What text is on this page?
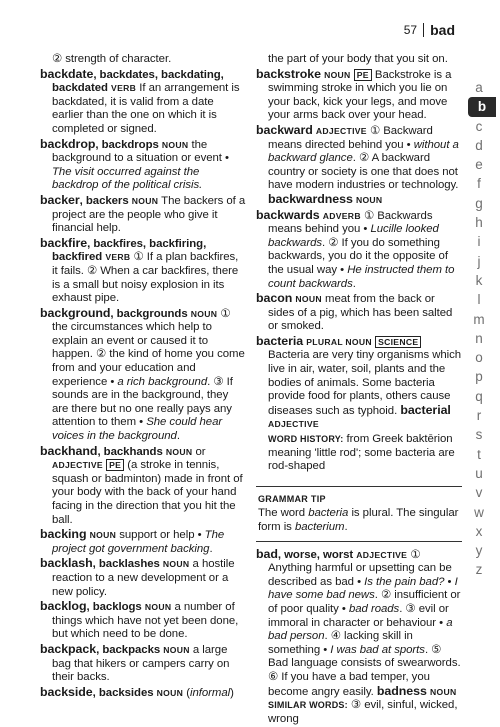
57 bad
② strength of character.
backdate, backdates, backdating, backdated VERB If an arrangement is backdated, it is valid from a date earlier than the one on which it is completed or signed.
backdrop, backdrops NOUN the background to a situation or event • The visit occurred against the backdrop of the political crisis.
backer, backers NOUN The backers of a project are the people who give it financial help.
backfire, backfires, backfiring, backfired VERB ① If a plan backfires, it fails. ② When a car backfires, there is a small but noisy explosion in its exhaust pipe.
background, backgrounds NOUN ① the circumstances which help to explain an event or caused it to happen. ② the kind of home you come from and your education and experience • a rich background. ③ If sounds are in the background, they are there but no one really pays any attention to them • She could hear voices in the background.
backhand, backhands NOUN or ADJECTIVE PE (a stroke in tennis, squash or badminton) made in front of your body with the back of your hand facing in the direction that you hit the ball.
backing NOUN support or help • The project got government backing.
backlash, backlashes NOUN a hostile reaction to a new development or a new policy.
backlog, backlogs NOUN a number of things which have not yet been done, but which need to be done.
backpack, backpacks NOUN a large bag that hikers or campers carry on their backs.
backside, backsides NOUN (informal)
the part of your body that you sit on.
backstroke NOUN PE Backstroke is a swimming stroke in which you lie on your back, kick your legs, and move your arms back over your head.
backward ADJECTIVE ① Backward means directed behind you • without a backward glance. ② A backward country or society is one that does not have modern industries or technology. backwardness NOUN
backwards ADVERB ① Backwards means behind you • Lucille looked backwards. ② If you do something backwards, you do it the opposite of the usual way • He instructed them to count backwards.
bacon NOUN meat from the back or sides of a pig, which has been salted or smoked.
bacteria PLURAL NOUN SCIENCE Bacteria are very tiny organisms which live in air, water, soil, plants and the bodies of animals. Some bacteria provide food for plants, others cause diseases such as typhoid. bacterial ADJECTIVE
WORD HISTORY: from Greek baktērion meaning 'little rod'; some bacteria are rod-shaped
GRAMMAR TIP
The word bacteria is plural. The singular form is bacterium.
bad, worse, worst ADJECTIVE ① Anything harmful or upsetting can be described as bad • Is the pain bad? • I have some bad news. ② insufficient or of poor quality • bad roads. ③ evil or immoral in character or behaviour • a bad person. ④ lacking skill in something • I was bad at sports. ⑤ Bad language consists of swearwords. ⑥ If you have a bad temper, you become angry easily. badness NOUN
SIMILAR WORDS: ③ evil, sinful, wicked, wrong
a
b
c
d
e
f
g
h
i
j
k
l
m
n
o
p
q
r
s
t
u
v
w
x
y
z
